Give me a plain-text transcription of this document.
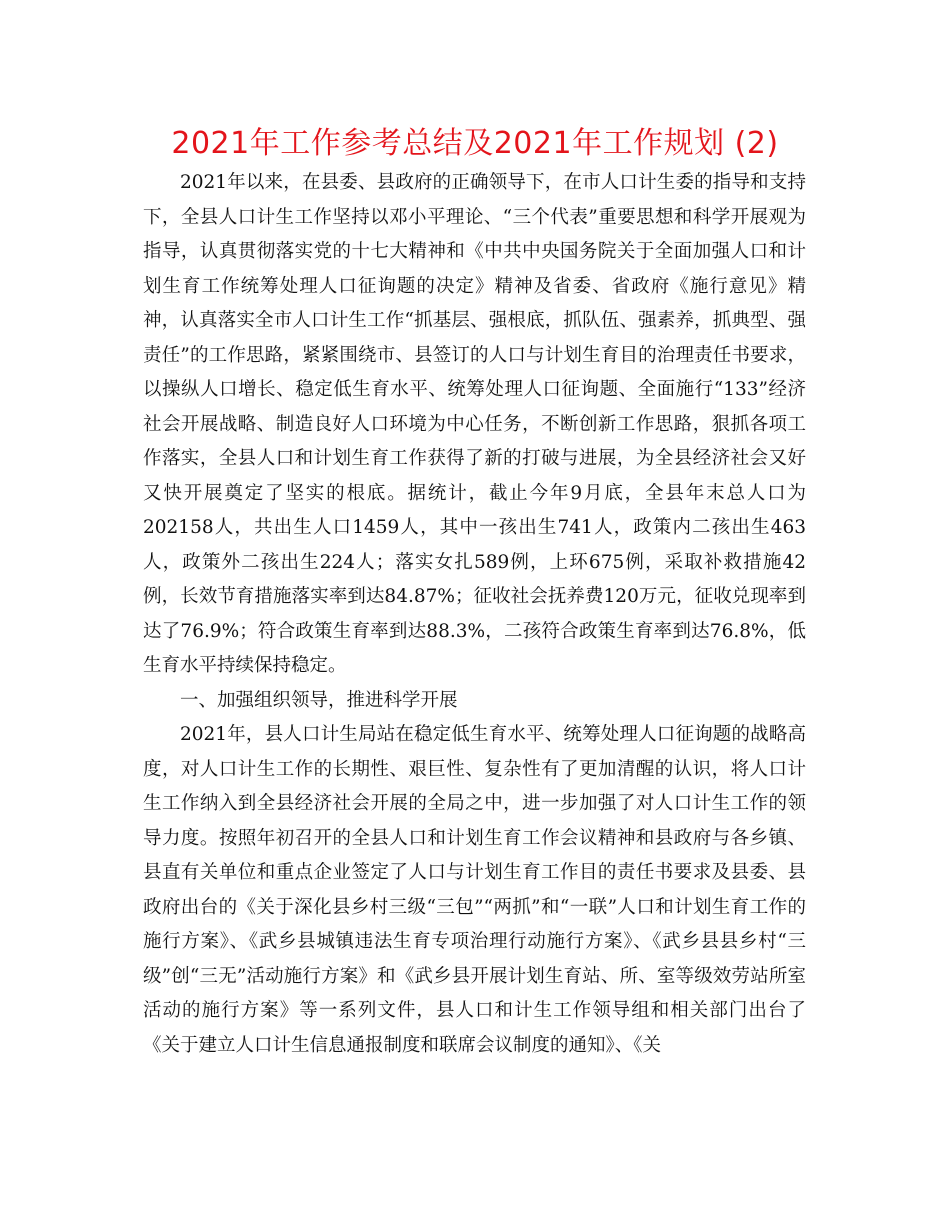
2021年工作参考总结及2021年工作规划 (2)

2021年以来，在县委、县政府的正确领导下，在市人口计生委的指导和支持下，全县人口计生工作坚持以邓小平理论、“三个代表”重要思想和科学开展观为指导，认真贯彻落实党的十七大精神和《中共中央国务院关于全面加强人口和计划生育工作统筹处理人口征询题的决定》精神及省委、省政府《施行意见》精神，认真落实全市人口计生工作“抓基层、强根底，抓队伍、强素养，抓典型、强责任”的工作思路，紧紧围绕市、县签订的人口与计划生育目的治理责任书要求，以操纵人口增长、稳定低生育水平、统筹处理人口征询题、全面施行“133”经济社会开展战略、制造良好人口环境为中心任务，不断创新工作思路，狠抓各项工作落实，全县人口和计划生育工作获得了新的打破与进展，为全县经济社会又好又快开展奠定了坚实的根底。据统计，截止今年9月底，全县年末总人口为202158人，共出生人口1459人，其中一孩出生741人，政策内二孩出生463人，政策外二孩出生224人；落实女扎589例，上环675例，采取补救措施42例，长效节育措施落实率到达84.87%；征收社会抚养费120万元，征收兑现率到达了76.9%；符合政策生育率到达88.3%，二孩符合政策生育率到达76.8%，低生育水平持续保持稳定。

一、加强组织领导，推进科学开展

2021年，县人口计生局站在稳定低生育水平、统筹处理人口征询题的战略高度，对人口计生工作的长期性、艰巨性、复杂性有了更加清醒的认识，将人口计生工作纳入到全县经济社会开展的全局之中，进一步加强了对人口计生工作的领导力度。按照年初召开的全县人口和计划生育工作会议精神和县政府与各乡镇、县直有关单位和重点企业签定了人口与计划生育工作目的责任书要求及县委、县政府出台的《关于深化县乡村三级“三包”“两抓”和“一联”人口和计划生育工作的施行方案》、《武乡县城镇违法生育专项治理行动施行方案》、《武乡县县乡村“三级”创“三无”活动施行方案》和《武乡县开展计划生育站、所、室等级效劳站所室活动的施行方案》等一系列文件，县人口和计生工作领导组和相关部门出台了《关于建立人口计生信息通报制度和联席会议制度的通知》、《关
